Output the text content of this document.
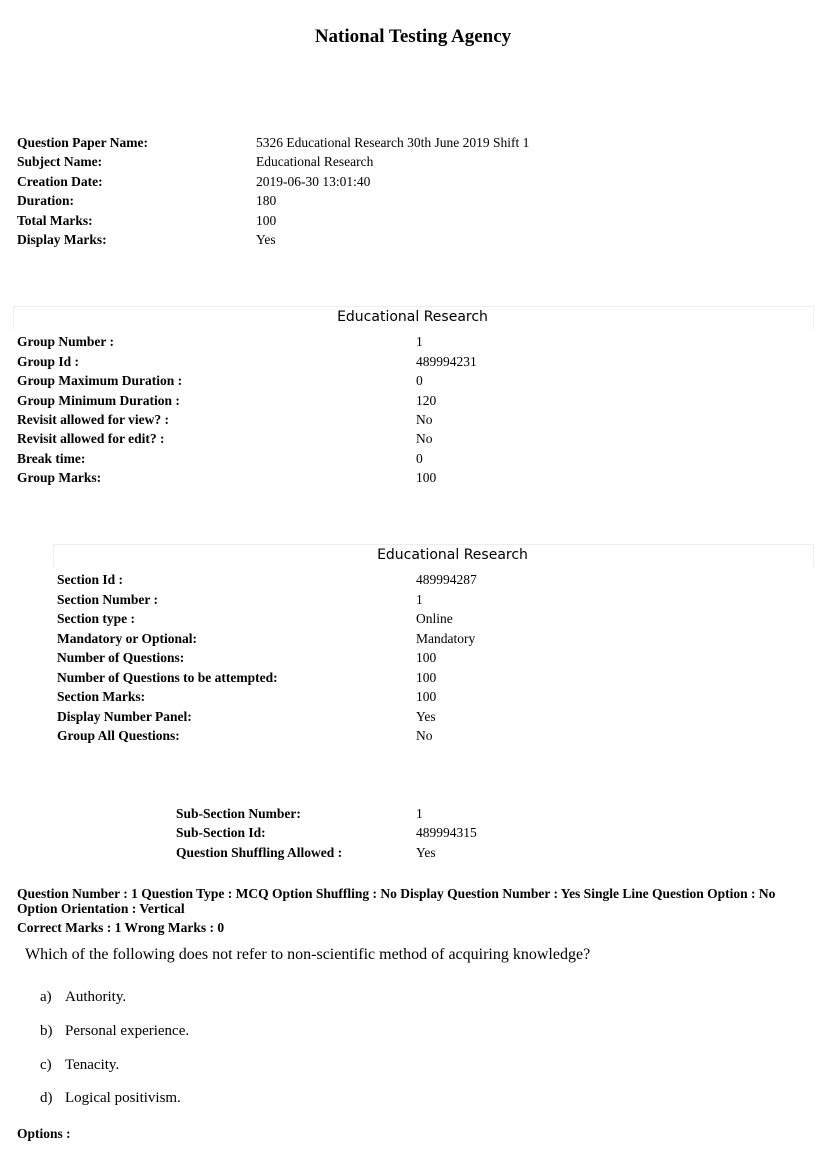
National Testing Agency
Question Paper Name:	5326 Educational Research 30th June 2019 Shift 1
Subject Name:	Educational Research
Creation Date:	2019-06-30 13:01:40
Duration:	180
Total Marks:	100
Display Marks:	Yes
Educational Research
Group Number :	1
Group Id :	489994231
Group Maximum Duration :	0
Group Minimum Duration :	120
Revisit allowed for view? :	No
Revisit allowed for edit? :	No
Break time:	0
Group Marks:	100
Educational Research
Section Id :	489994287
Section Number :	1
Section type :	Online
Mandatory or Optional:	Mandatory
Number of Questions:	100
Number of Questions to be attempted:	100
Section Marks:	100
Display Number Panel:	Yes
Group All Questions:	No
Sub-Section Number:	1
Sub-Section Id:	489994315
Question Shuffling Allowed :	Yes
Question Number : 1 Question Type : MCQ Option Shuffling : No Display Question Number : Yes Single Line Question Option : No Option Orientation : Vertical
Correct Marks : 1 Wrong Marks : 0
Which of the following does not refer to non-scientific method of acquiring knowledge?
a) Authority.
b) Personal experience.
c) Tenacity.
d) Logical positivism.
Options :
